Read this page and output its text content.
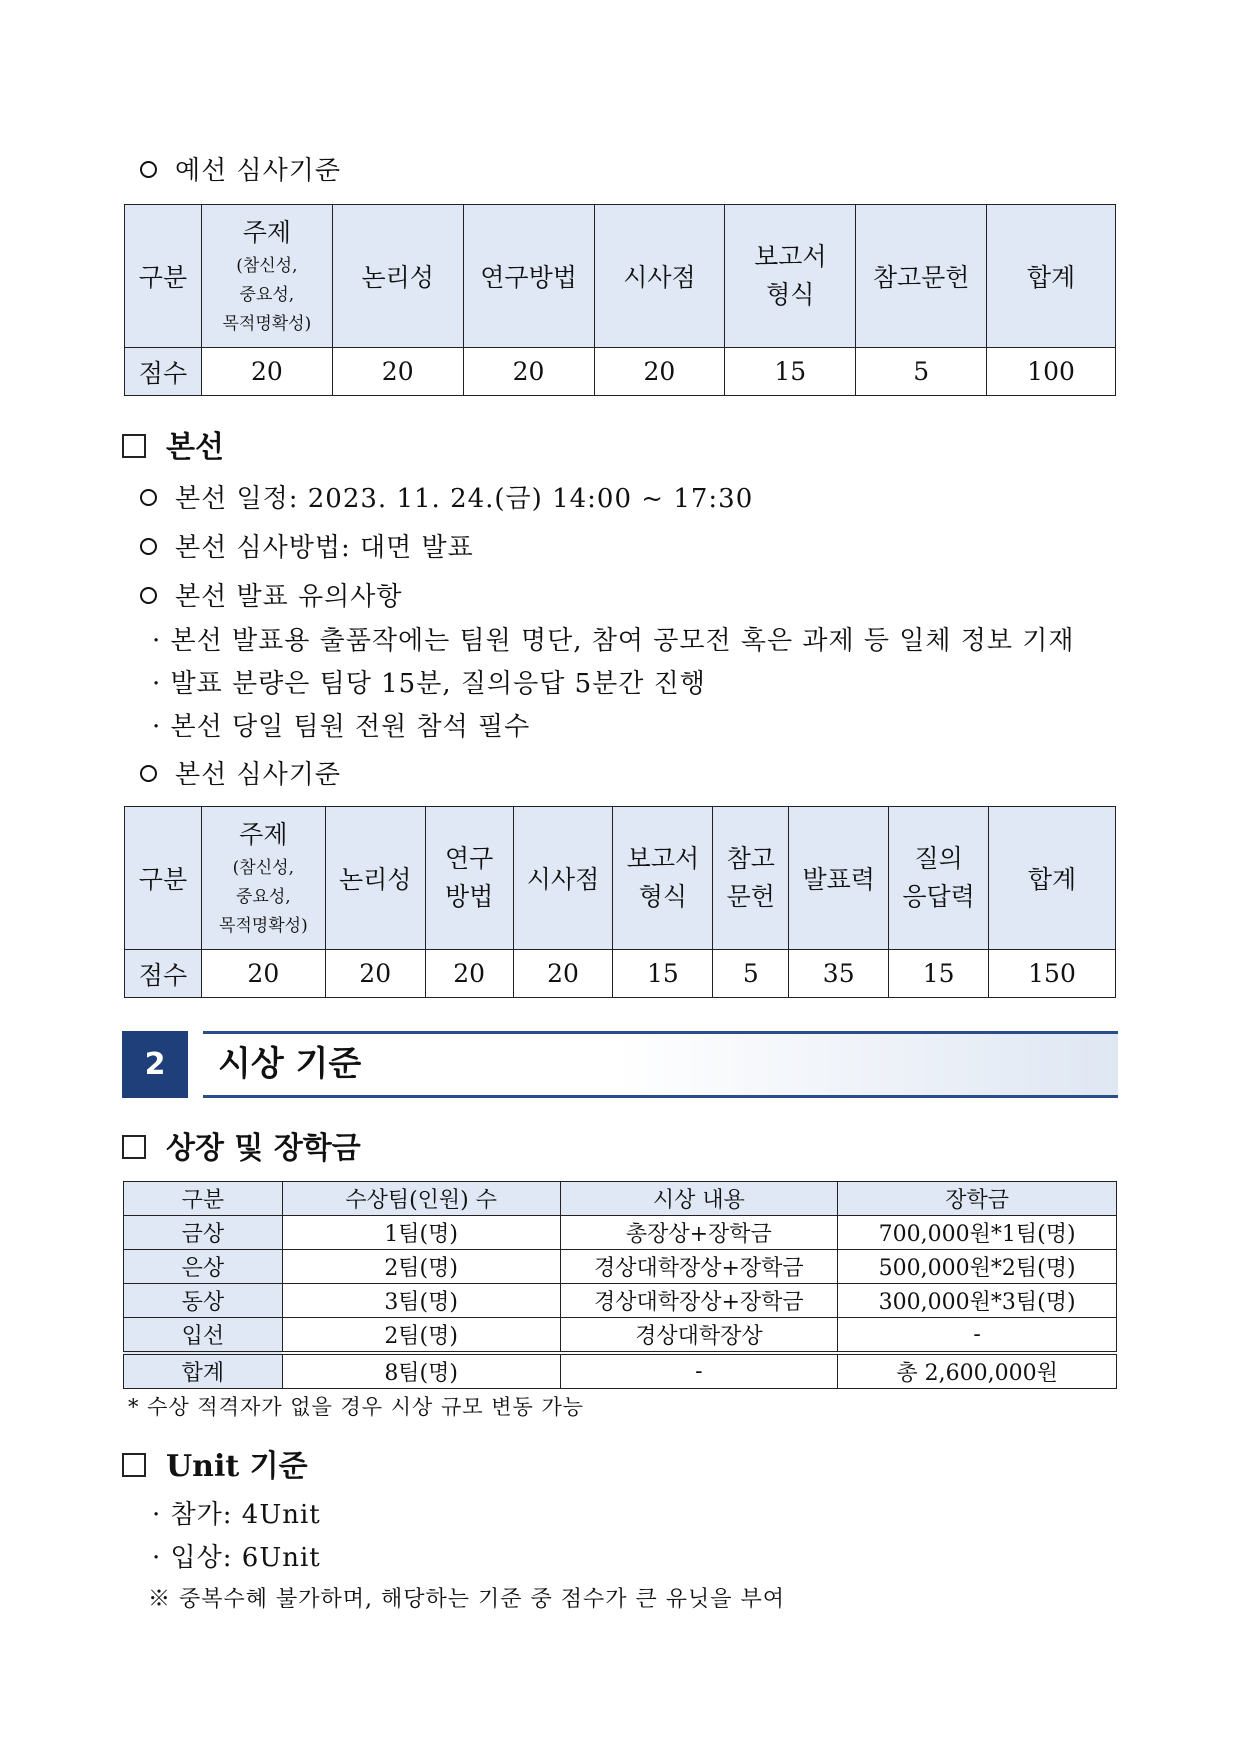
예선 심사기준
구분	주제
(참신성,
중요성,
목적명확성)	논리성	연구방법	시사점	보고서
형식	참고문헌	합계
점수	20	20	20	20	15	5	100
본선
본선 일정: 2023. 11. 24.(금) 14:00 ~ 17:30
본선 심사방법: 대면 발표
본선 발표 유의사항
· 본선 발표용 출품작에는 팀원 명단, 참여 공모전 혹은 과제 등 일체 정보 기재
· 발표 분량은 팀당 15분, 질의응답 5분간 진행
· 본선 당일 팀원 전원 참석 필수
본선 심사기준
구분	주제
(참신성,
중요성,
목적명확성)	논리성	연구
방법	시사점	보고서
형식	참고
문헌	발표력	질의
응답력	합계
점수	20	20	20	20	15	5	35	15	150
2	시상 기준
상장 및 장학금
구분	수상팀(인원) 수	시상 내용	장학금
금상	1팀(명)	총장상+장학금	700,000원*1팀(명)
은상	2팀(명)	경상대학장상+장학금	500,000원*2팀(명)
동상	3팀(명)	경상대학장상+장학금	300,000원*3팀(명)
입선	2팀(명)	경상대학장상	-
합계	8팀(명)	-	총 2,600,000원
* 수상 적격자가 없을 경우 시상 규모 변동 가능
Unit 기준
· 참가: 4Unit
· 입상: 6Unit
※ 중복수혜 불가하며, 해당하는 기준 중 점수가 큰 유닛을 부여
